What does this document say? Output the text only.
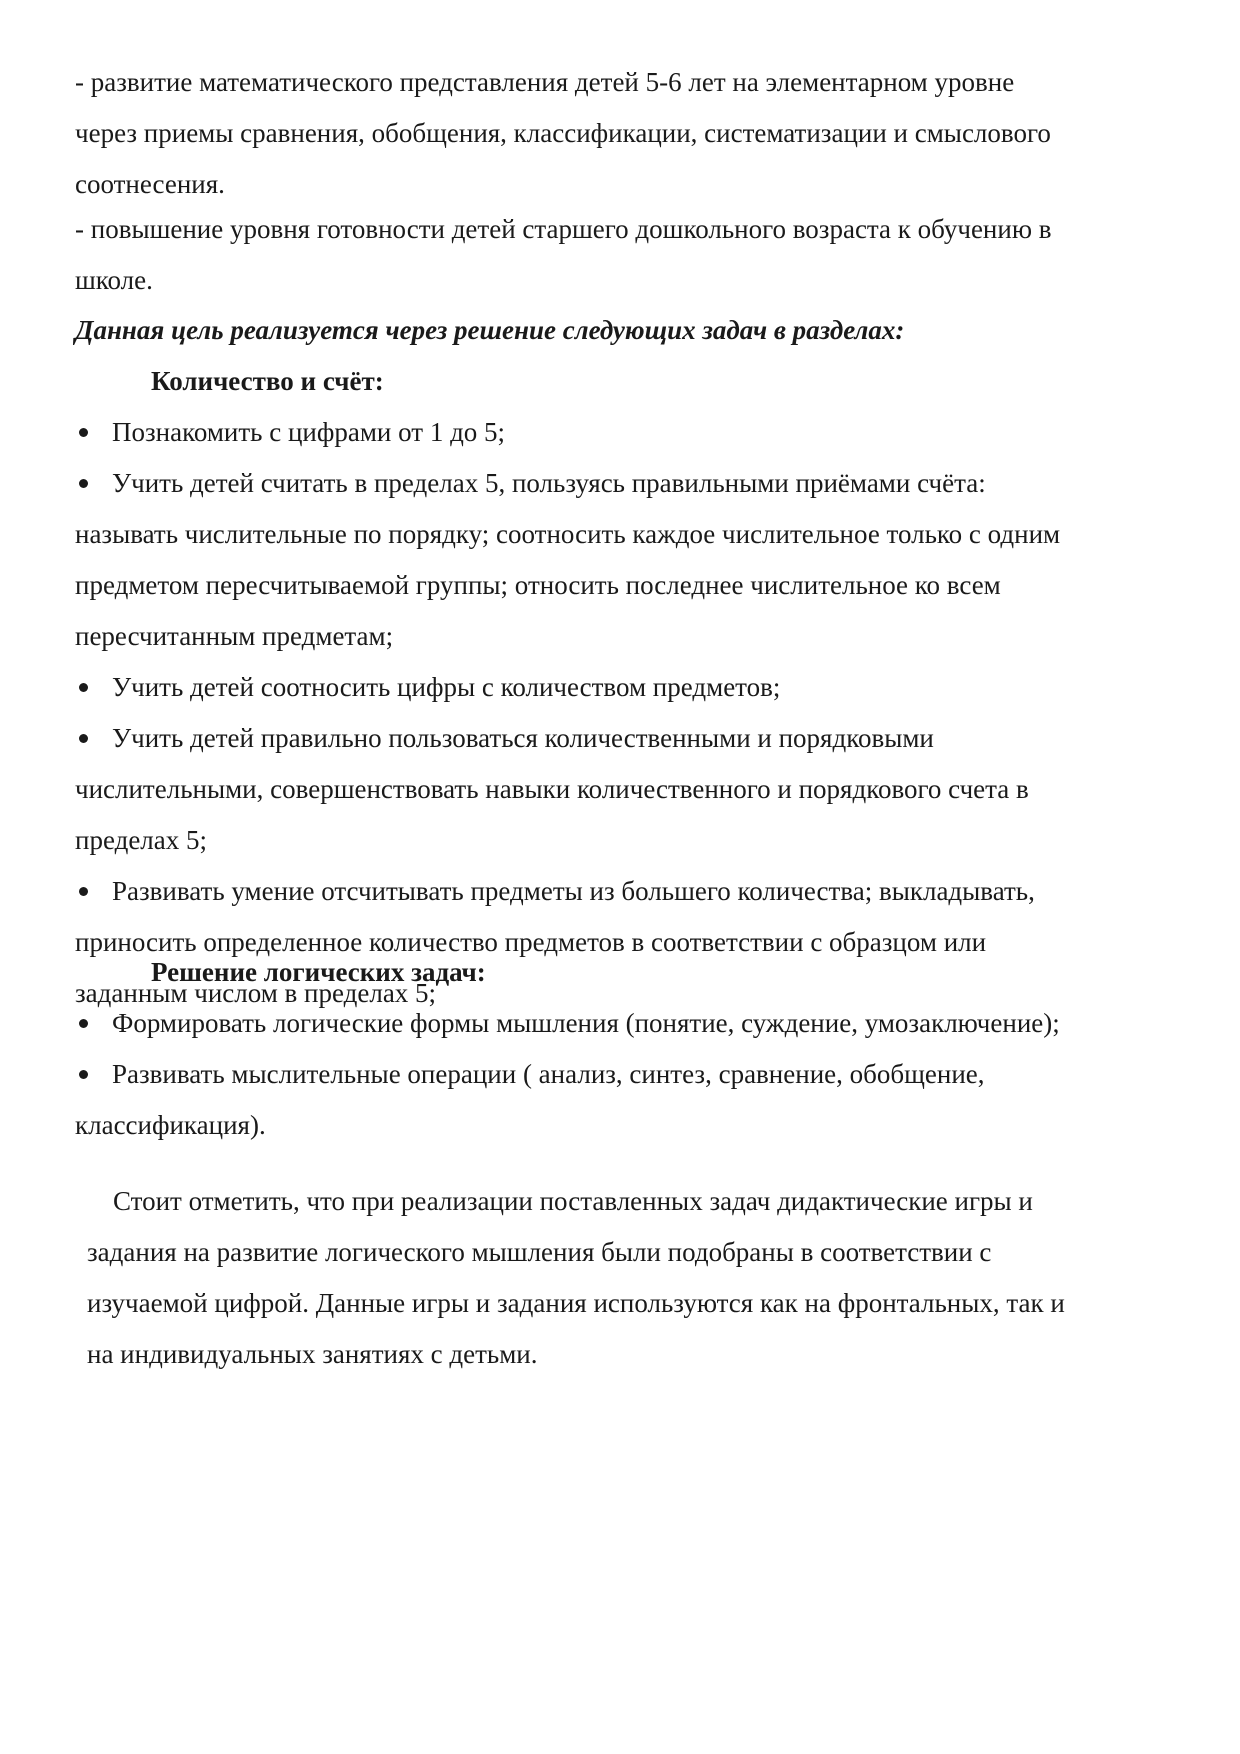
- развитие математического представления детей 5-6 лет на элементарном уровне

через приемы сравнения, обобщения, классификации, систематизации и смыслового

соотнесения.

- повышение уровня готовности детей старшего дошкольного возраста к обучению в

школе.

Данная цель реализуется через решение следующих задач в разделах:

Количество и счёт:

Познакомить с цифрами от 1 до 5;

Учить детей считать в пределах 5, пользуясь правильными приёмами счёта:

называть числительные по порядку; соотносить каждое числительное только с одним

предметом пересчитываемой группы; относить последнее числительное ко всем

пересчитанным предметам;

Учить детей соотносить цифры с количеством предметов;

Учить детей правильно пользоваться количественными и порядковыми

числительными, совершенствовать навыки количественного и порядкового счета в

пределах 5;

Развивать умение отсчитывать предметы из большего количества; выкладывать,

приносить определенное количество предметов в соответствии с образцом или

заданным числом в пределах 5;

Решение логических задач:

Формировать логические формы мышления (понятие, суждение, умозаключение);

Развивать мыслительные операции ( анализ, синтез, сравнение, обобщение,

классификация).

Стоит отметить, что при реализации поставленных задач дидактические игры и

задания на развитие логического мышления были подобраны в соответствии с

изучаемой цифрой. Данные игры и задания используются как на фронтальных, так и

на индивидуальных занятиях с детьми.
